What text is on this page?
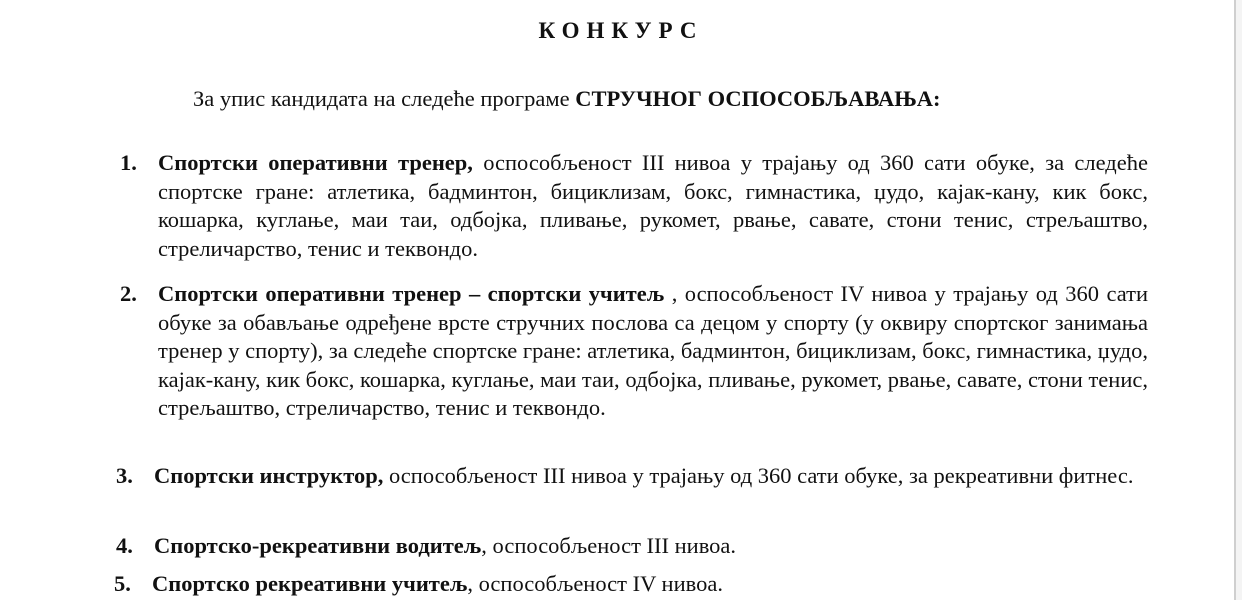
КОНКУРС
За упис кандидата на следеће програме СТРУЧНОГ ОСПОСОБЉАВАЊА:
1. Спортски оперативни тренер, оспособљеност III нивоа у трајању од 360 сати обуке, за следеће спортске гране: атлетика, бадминтон, бициклизам, бокс, гимнастика, џудо, кајак-кану, кик бокс, кошарка, куглање, маи таи, одбојка, пливање, рукомет, рвање, савате, стони тенис, стрељаштво, стреличарство, тенис и теквондо.
2. Спортски оперативни тренер – спортски учитељ , оспособљеност IV нивоа у трајању од 360 сати обуке за обављање одређене врсте стручних послова са децом у спорту (у оквиру спортског занимања тренер у спорту), за следеће спортске гране: атлетика, бадминтон, бициклизам, бокс, гимнастика, џудо, кајак-кану, кик бокс, кошарка, куглање, маи таи, одбојка, пливање, рукомет, рвање, савате, стони тенис, стрељаштво, стреличарство, тенис и теквондо.
3. Спортски инструктор, оспособљеност III нивоа у трајању од 360 сати обуке, за рекреативни фитнес.
4. Спортско-рекреативни водитељ, оспособљеност III нивоа.
5. Спортско рекреативни учитељ, оспособљеност IV нивоа.
